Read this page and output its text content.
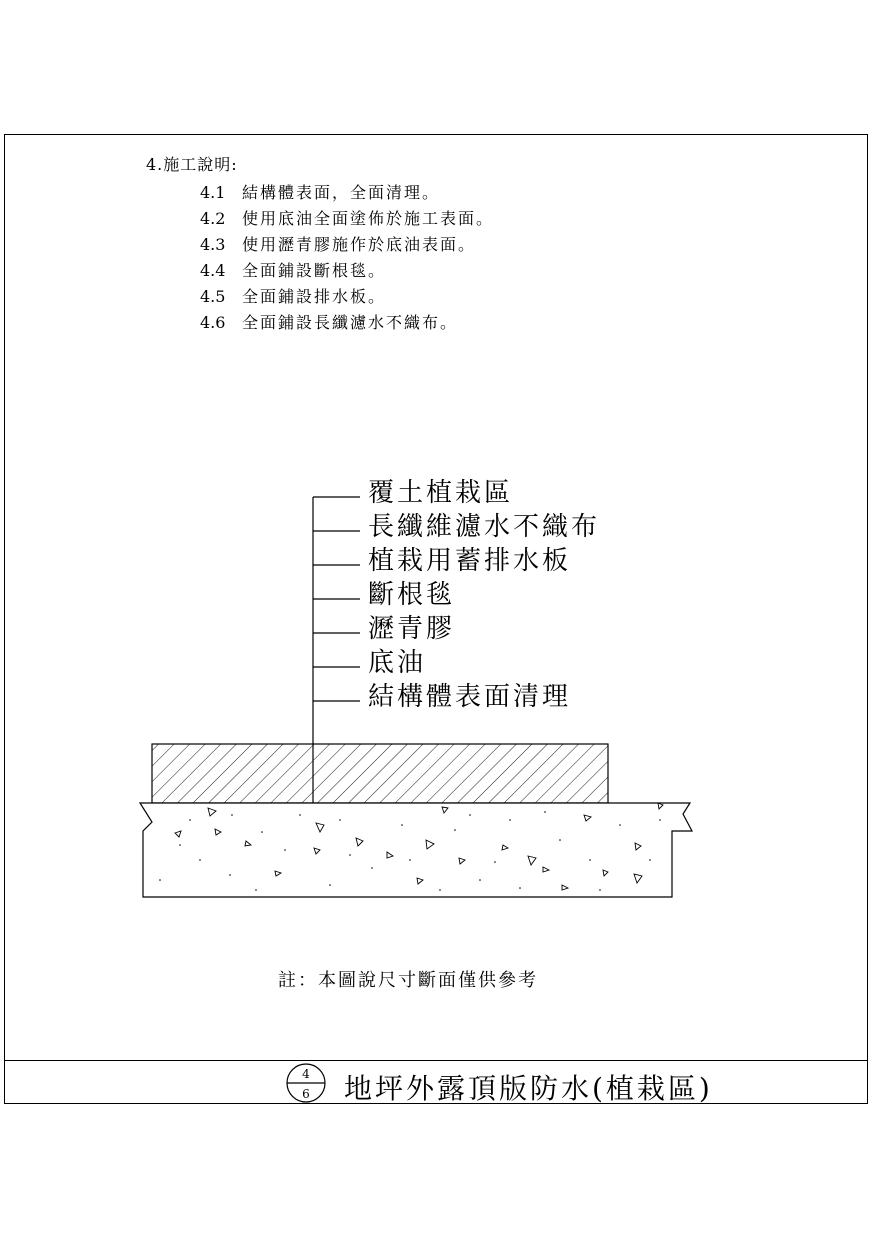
4.施工說明:
4.1 結構體表面，全面清理。
4.2 使用底油全面塗佈於施工表面。
4.3 使用瀝青膠施作於底油表面。
4.4 全面鋪設斷根毯。
4.5 全面鋪設排水板。
4.6 全面鋪設長纖濾水不織布。
4
6
覆土植栽區
長纖維濾水不織布
植栽用蓄排水板
斷根毯
瀝青膠
底油
結構體表面清理
註：本圖說尺寸斷面僅供參考
地坪外露頂版防水(植栽區)
